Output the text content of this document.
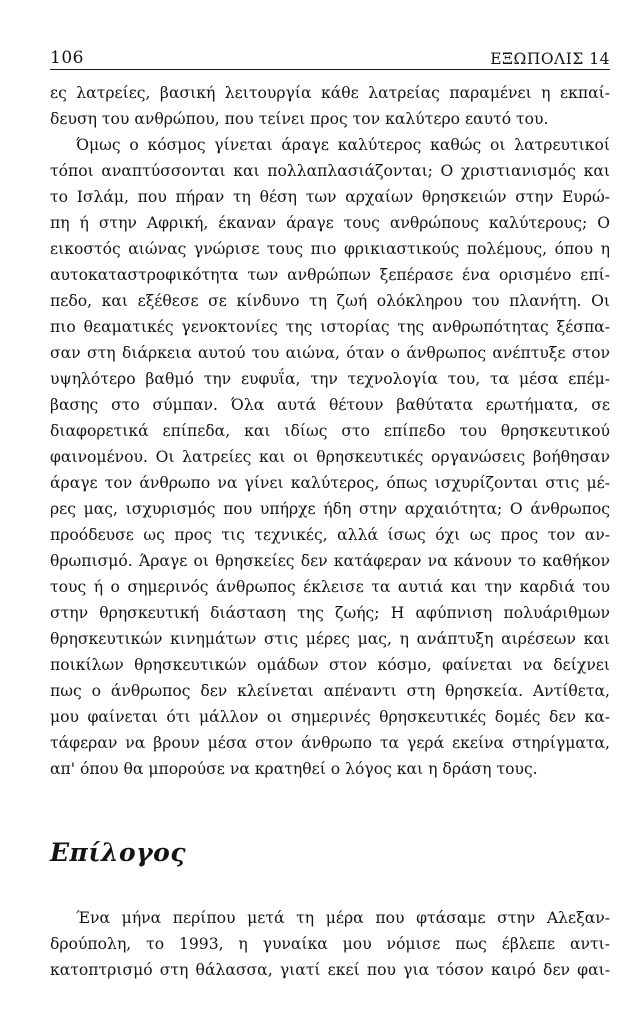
106	ΕΞΩΠΟΛΙΣ 14
ες λατρείες, βασική λειτουργία κάθε λατρείας παραμένει η εκπαί-
δευση του ανθρώπου, που τείνει προς τον καλύτερο εαυτό του.
Όμως ο κόσμος γίνεται άραγε καλύτερος καθώς οι λατρευτικοί
τόποι αναπτύσσονται και πολλαπλασιάζονται; Ο χριστιανισμός και
το Ισλάμ, που πήραν τη θέση των αρχαίων θρησκειών στην Ευρώ-
πη ή στην Αφρική, έκαναν άραγε τους ανθρώπους καλύτερους; Ο
εικοστός αιώνας γνώρισε τους πιο φρικιαστικούς πολέμους, όπου η
αυτοκαταστροφικότητα των ανθρώπων ξεπέρασε ένα ορισμένο επί-
πεδο, και εξέθεσε σε κίνδυνο τη ζωή ολόκληρου του πλανήτη. Οι
πιο θεαματικές γενοκτονίες της ιστορίας της ανθρωπότητας ξέσπα-
σαν στη διάρκεια αυτού του αιώνα, όταν ο άνθρωπος ανέπτυξε στον
υψηλότερο βαθμό την ευφυΐα, την τεχνολογία του, τα μέσα επέμ-
βασης στο σύμπαν. Όλα αυτά θέτουν βαθύτατα ερωτήματα, σε
διαφορετικά επίπεδα, και ιδίως στο επίπεδο του θρησκευτικού
φαινομένου. Οι λατρείες και οι θρησκευτικές οργανώσεις βοήθησαν
άραγε τον άνθρωπο να γίνει καλύτερος, όπως ισχυρίζονται στις μέ-
ρες μας, ισχυρισμός που υπήρχε ήδη στην αρχαιότητα; Ο άνθρωπος
προόδευσε ως προς τις τεχνικές, αλλά ίσως όχι ως προς τον αν-
θρωπισμό. Άραγε οι θρησκείες δεν κατάφεραν να κάνουν το καθήκον
τους ή ο σημερινός άνθρωπος έκλεισε τα αυτιά και την καρδιά του
στην θρησκευτική διάσταση της ζωής; Η αφύπνιση πολυάριθμων
θρησκευτικών κινημάτων στις μέρες μας, η ανάπτυξη αιρέσεων και
ποικίλων θρησκευτικών ομάδων στον κόσμο, φαίνεται να δείχνει
πως ο άνθρωπος δεν κλείνεται απέναντι στη θρησκεία. Αντίθετα,
μου φαίνεται ότι μάλλον οι σημερινές θρησκευτικές δομές δεν κα-
τάφεραν να βρουν μέσα στον άνθρωπο τα γερά εκείνα στηρίγματα,
απ' όπου θα μπορούσε να κρατηθεί ο λόγος και η δράση τους.
Επίλογος
Ένα μήνα περίπου μετά τη μέρα που φτάσαμε στην Αλεξαν-
δρούπολη, το 1993, η γυναίκα μου νόμισε πως έβλεπε αντι-
κατοπτρισμό στη θάλασσα, γιατί εκεί που για τόσον καιρό δεν φαι-
